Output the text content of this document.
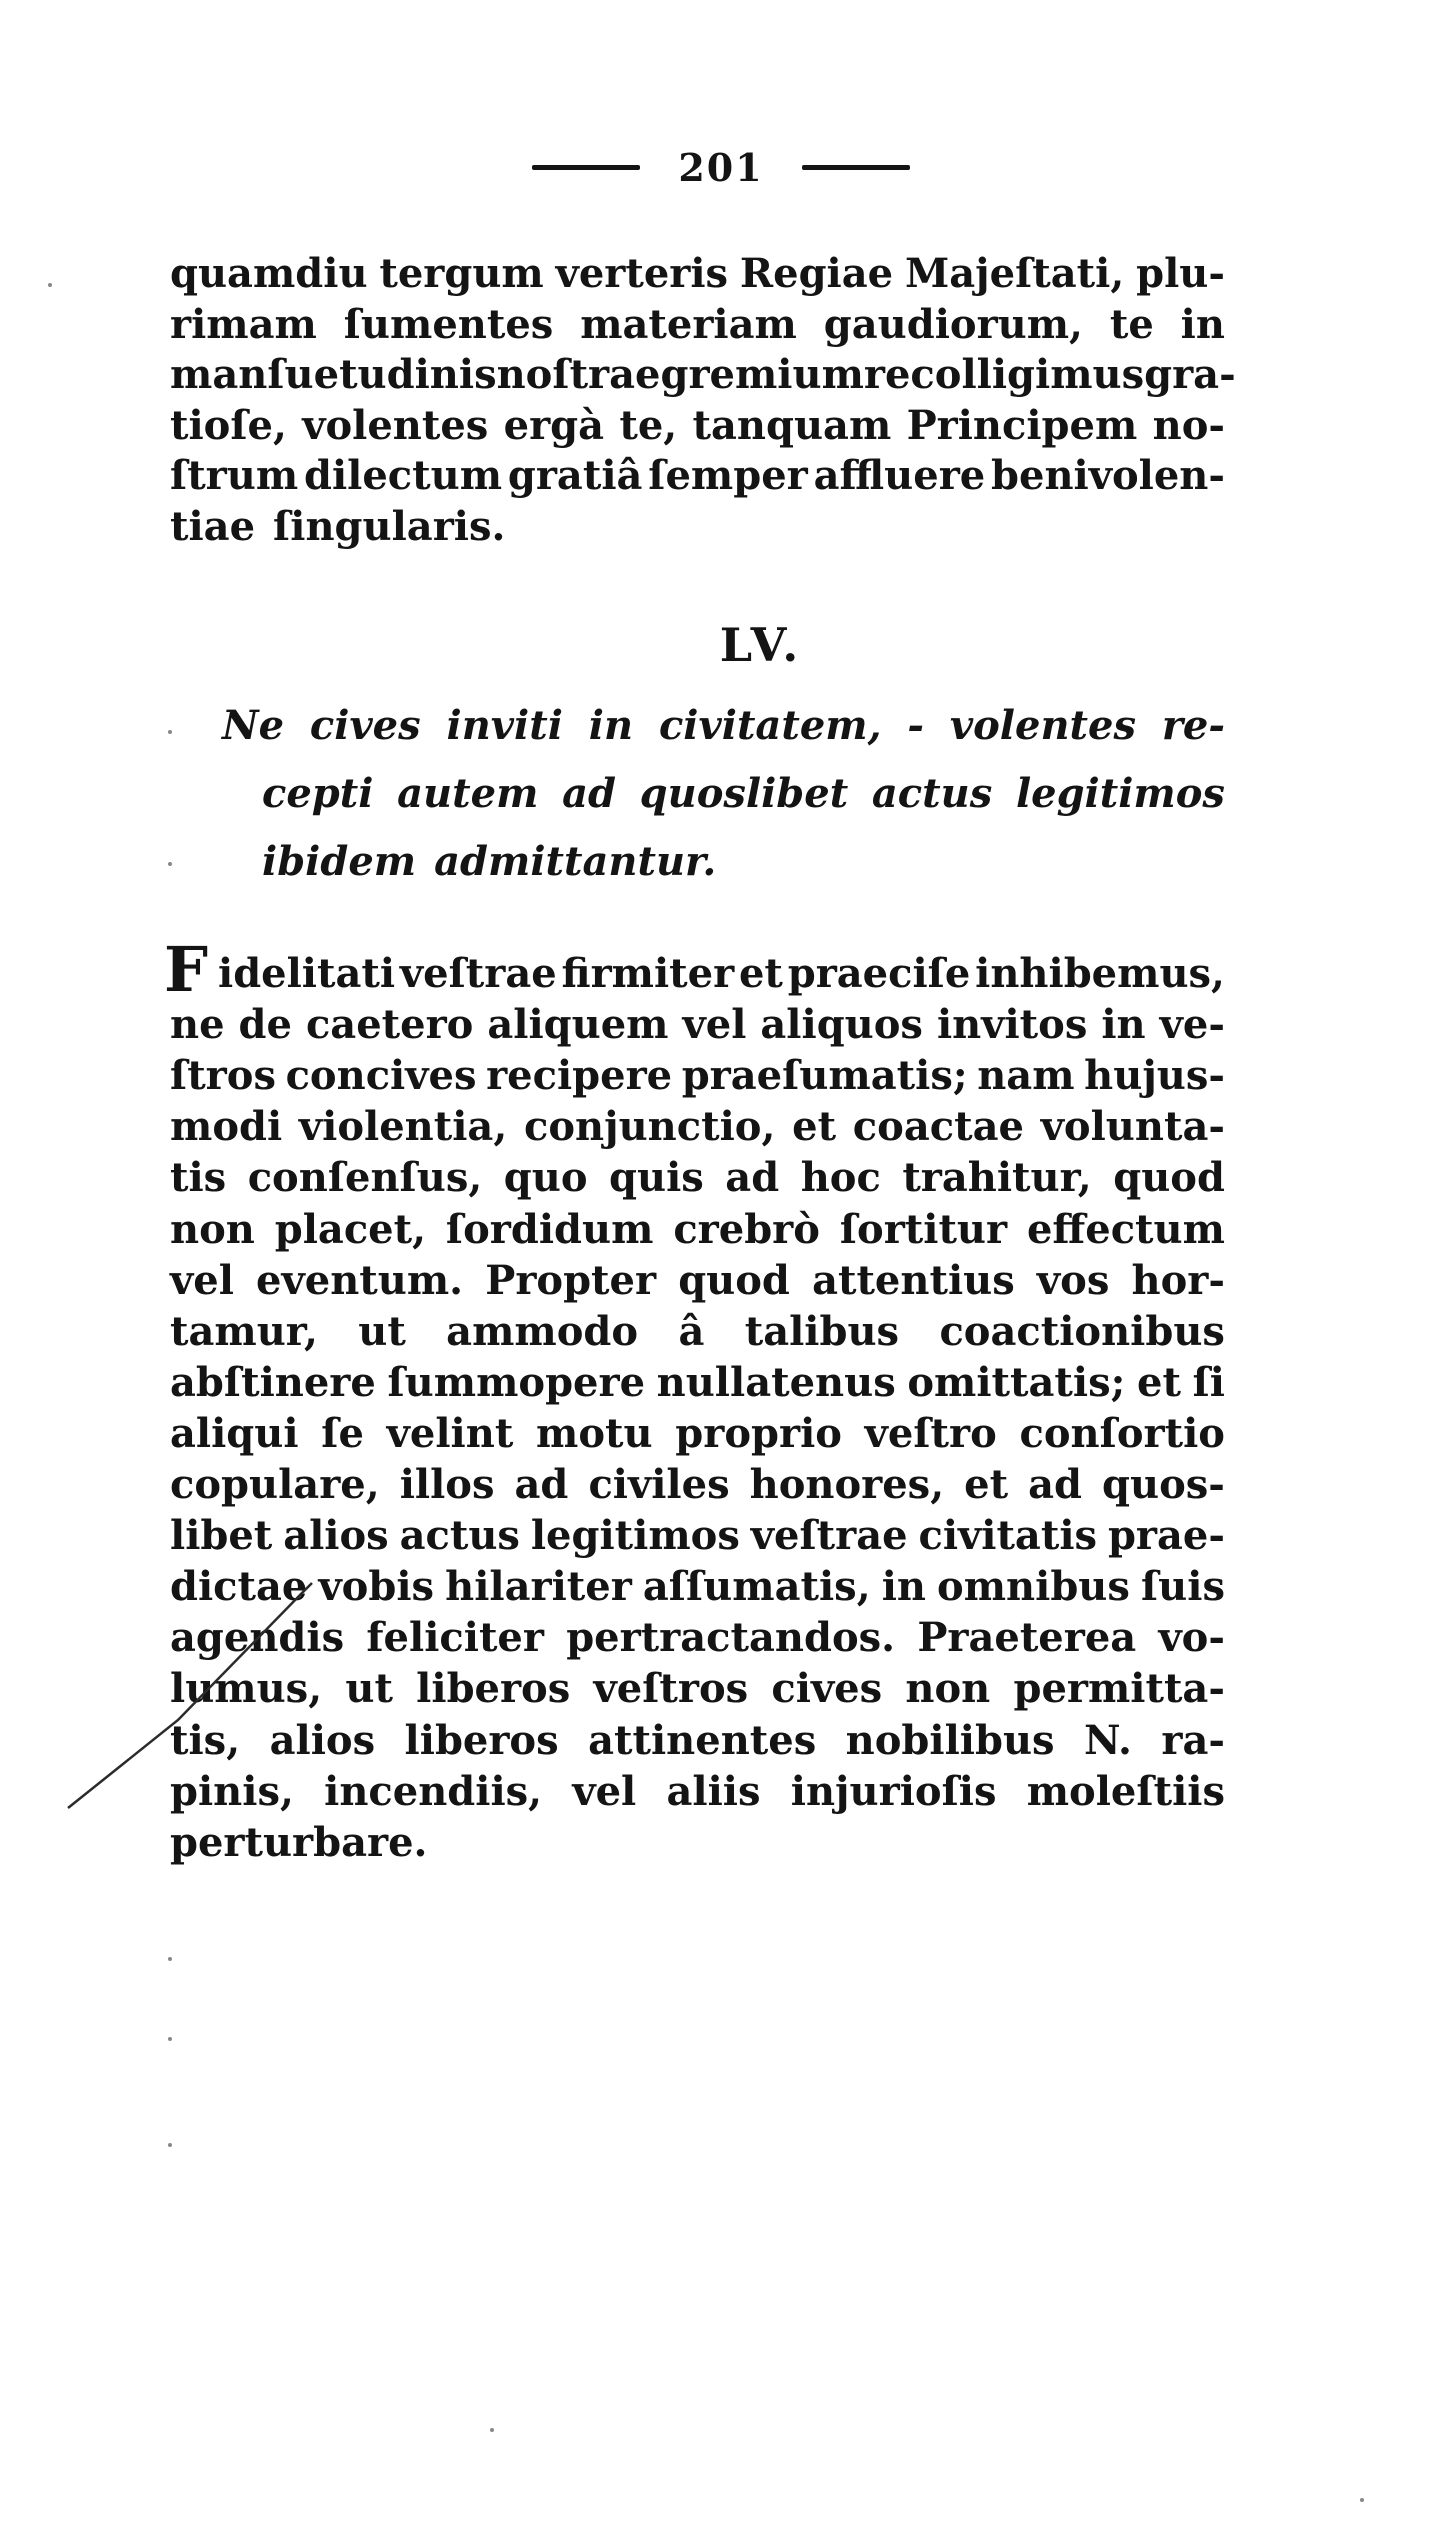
201
quamdiu tergum verteris Regiae Majeſtati, plu-
rimam ſumentes materiam gaudiorum, te in
manſuetudinis noſtrae gremium recolligimus gra-
tioſe, volentes ergà te, tanquam Principem no-
ſtrum dilectum gratiâ ſemper affluere benivolen-
tiae ſingularis.
LV.
Ne cives inviti in civitatem, - volentes re-
cepti autem ad quoslibet actus legitimos
ibidem admittantur.
idelitati veſtrae firmiter et praeciſe inhibemus,
F
ne de caetero aliquem vel aliquos invitos in ve-
ſtros concives recipere praeſumatis; nam hujus-
modi violentia, conjunctio, et coactae volunta-
tis conſenſus, quo quis ad hoc trahitur, quod
non placet, ſordidum crebrò ſortitur effectum
vel eventum. Propter quod attentius vos hor-
tamur, ut ammodo â talibus coactionibus
abſtinere ſummopere nullatenus omittatis; et ſi
aliqui ſe velint motu proprio veſtro conſortio
copulare, illos ad civiles honores, et ad quos-
libet alios actus legitimos veſtrae civitatis prae-
dictae vobis hilariter aſſumatis, in omnibus ſuis
agendis feliciter pertractandos. Praeterea vo-
lumus, ut liberos veſtros cives non permitta-
tis, alios liberos attinentes nobilibus N. ra-
pinis, incendiis, vel aliis injurioſis moleſtiis
perturbare.
